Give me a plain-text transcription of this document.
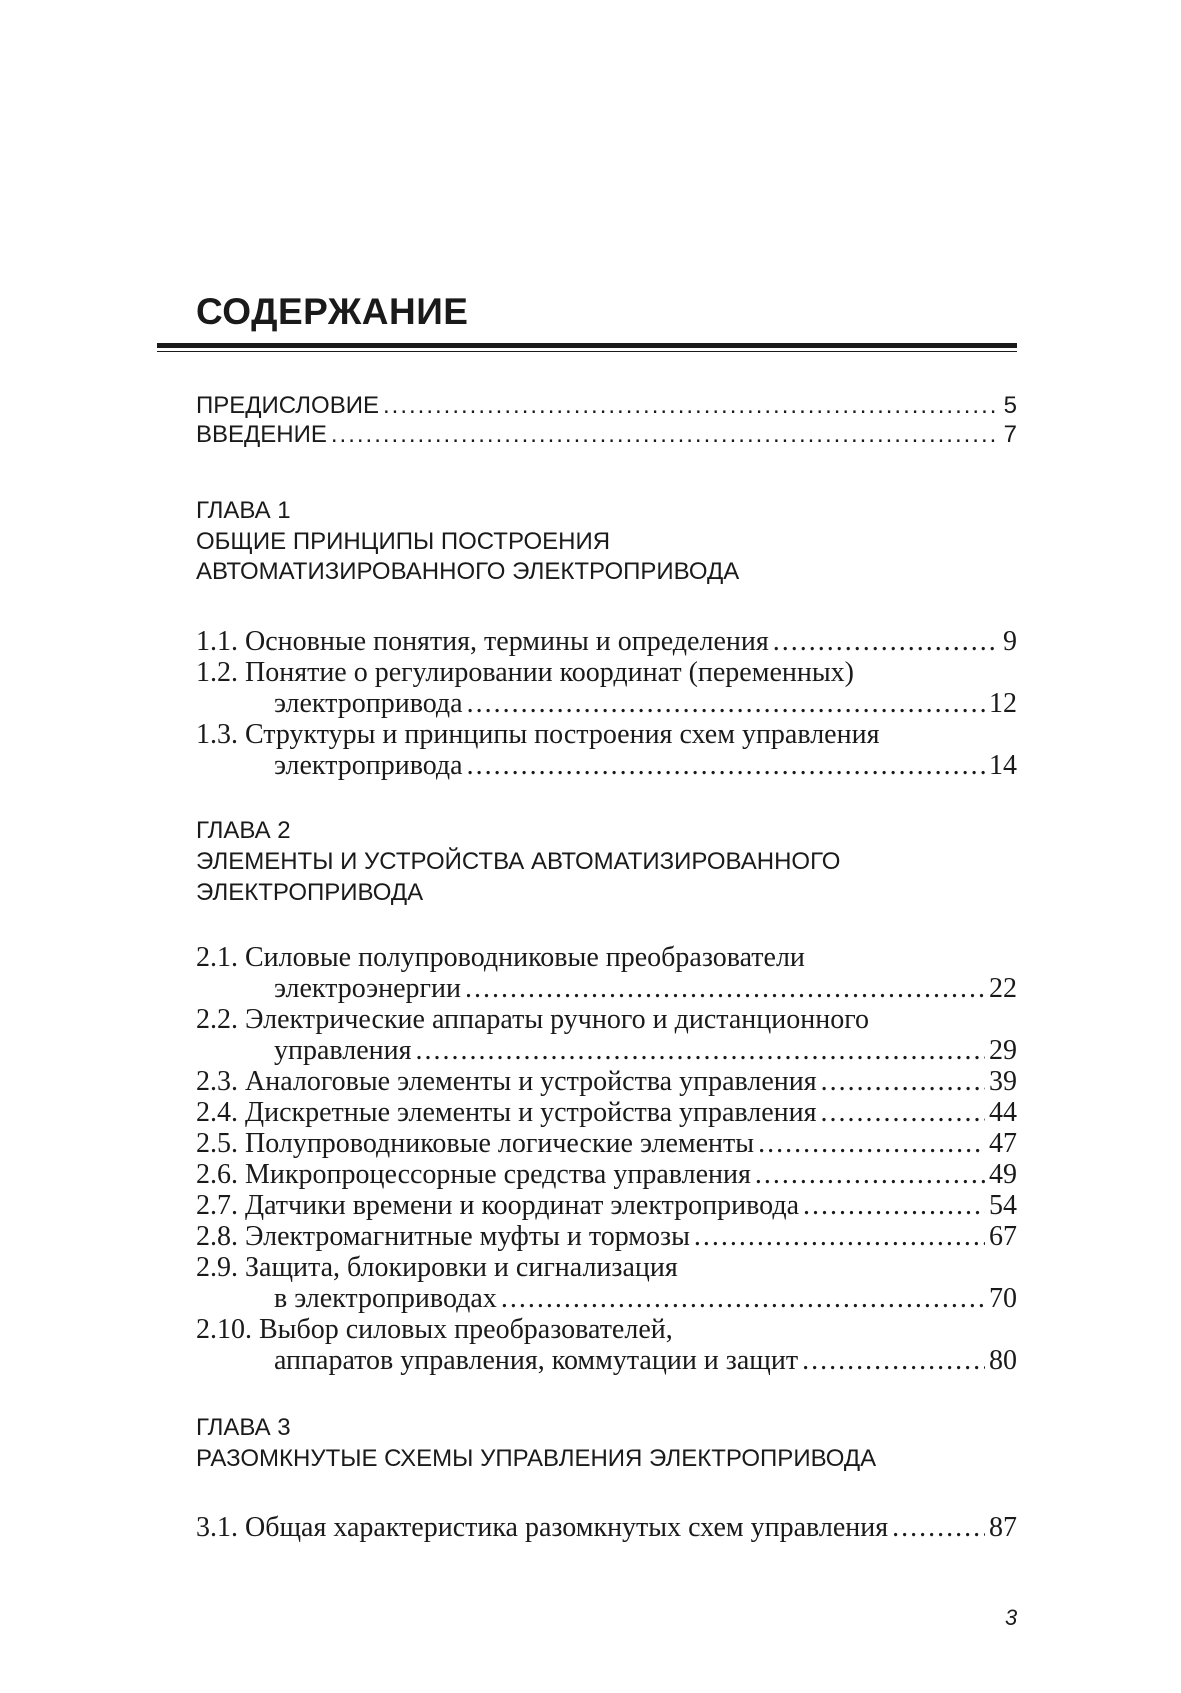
СОДЕРЖАНИЕ
ПРЕДИСЛОВИЕ .....	5
ВВЕДЕНИЕ .....	7
ГЛАВА 1
ОБЩИЕ ПРИНЦИПЫ ПОСТРОЕНИЯ
АВТОМАТИЗИРОВАННОГО ЭЛЕКТРОПРИВОДА
1.1. Основные понятия, термины и определения .....	9
1.2. Понятие о регулировании координат (переменных)
электропривода .....	12
1.3. Структуры и принципы построения схем управления
электропривода .....	14
ГЛАВА 2
ЭЛЕМЕНТЫ И УСТРОЙСТВА АВТОМАТИЗИРОВАННОГО
ЭЛЕКТРОПРИВОДА
2.1. Силовые полупроводниковые преобразователи
электроэнергии .....	22
2.2. Электрические аппараты ручного и дистанционного
управления .....	29
2.3. Аналоговые элементы и устройства управления .....	39
2.4. Дискретные элементы и устройства управления .....	44
2.5. Полупроводниковые логические элементы .....	47
2.6. Микропроцессорные средства управления .....	49
2.7. Датчики времени и координат электропривода .....	54
2.8. Электромагнитные муфты и тормозы .....	67
2.9. Защита, блокировки и сигнализация
в электроприводах .....	70
2.10. Выбор силовых преобразователей,
аппаратов управления, коммутации и защит .....	80
ГЛАВА 3
РАЗОМКНУТЫЕ СХЕМЫ УПРАВЛЕНИЯ ЭЛЕКТРОПРИВОДА
3.1. Общая характеристика разомкнутых схем управления .....	87
3
